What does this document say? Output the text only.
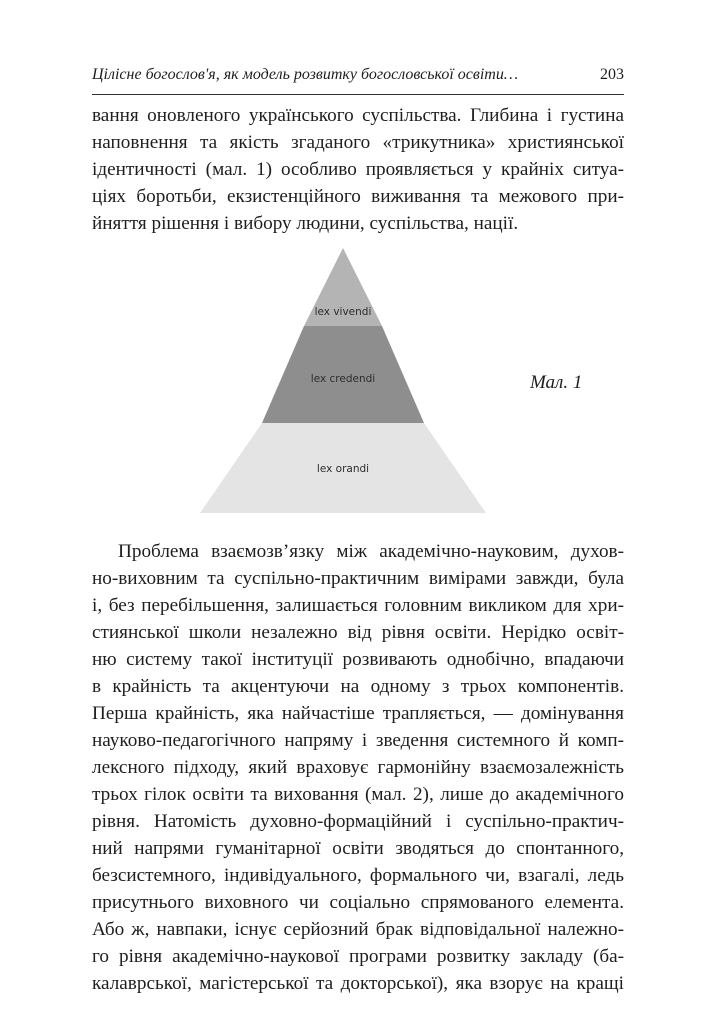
Цілісне богослов'я, як модель розвитку богословської освіти…	203
вання оновленого українського суспільства. Глибина і густина
наповнення та якість згаданого «трикутника» християнської
ідентичності (мал. 1) особливо проявляється у крайніх ситуа-
ціях боротьби, екзистенційного виживання та межового при-
йняття рішення і вибору людини, суспільства, нації.
lex vivendi
lex credendi
lex orandi
Мал. 1
Проблема взаємозв’язку між академічно-науковим, духов-
но-виховним та суспільно-практичним вимірами завжди, була
і, без перебільшення, залишається головним викликом для хри-
стиянської школи незалежно від рівня освіти. Нерідко освіт-
ню систему такої інституції розвивають однобічно, впадаючи
в крайність та акцентуючи на одному з трьох компонентів.
Перша крайність, яка найчастіше трапляється, — домінування
науково-педагогічного напряму і зведення системного й комп-
лексного підходу, який враховує гармонійну взаємозалежність
трьох гілок освіти та виховання (мал. 2), лише до академічного
рівня. Натомість духовно-формаційний і суспільно-практич-
ний напрями гуманітарної освіти зводяться до спонтанного,
безсистемного, індивідуального, формального чи, взагалі, ледь
присутнього виховного чи соціально спрямованого елемента.
Або ж, навпаки, існує серйозний брак відповідальної належно-
го рівня академічно-наукової програми розвитку закладу (ба-
калаврської, магістерської та докторської), яка взорує на кращі
